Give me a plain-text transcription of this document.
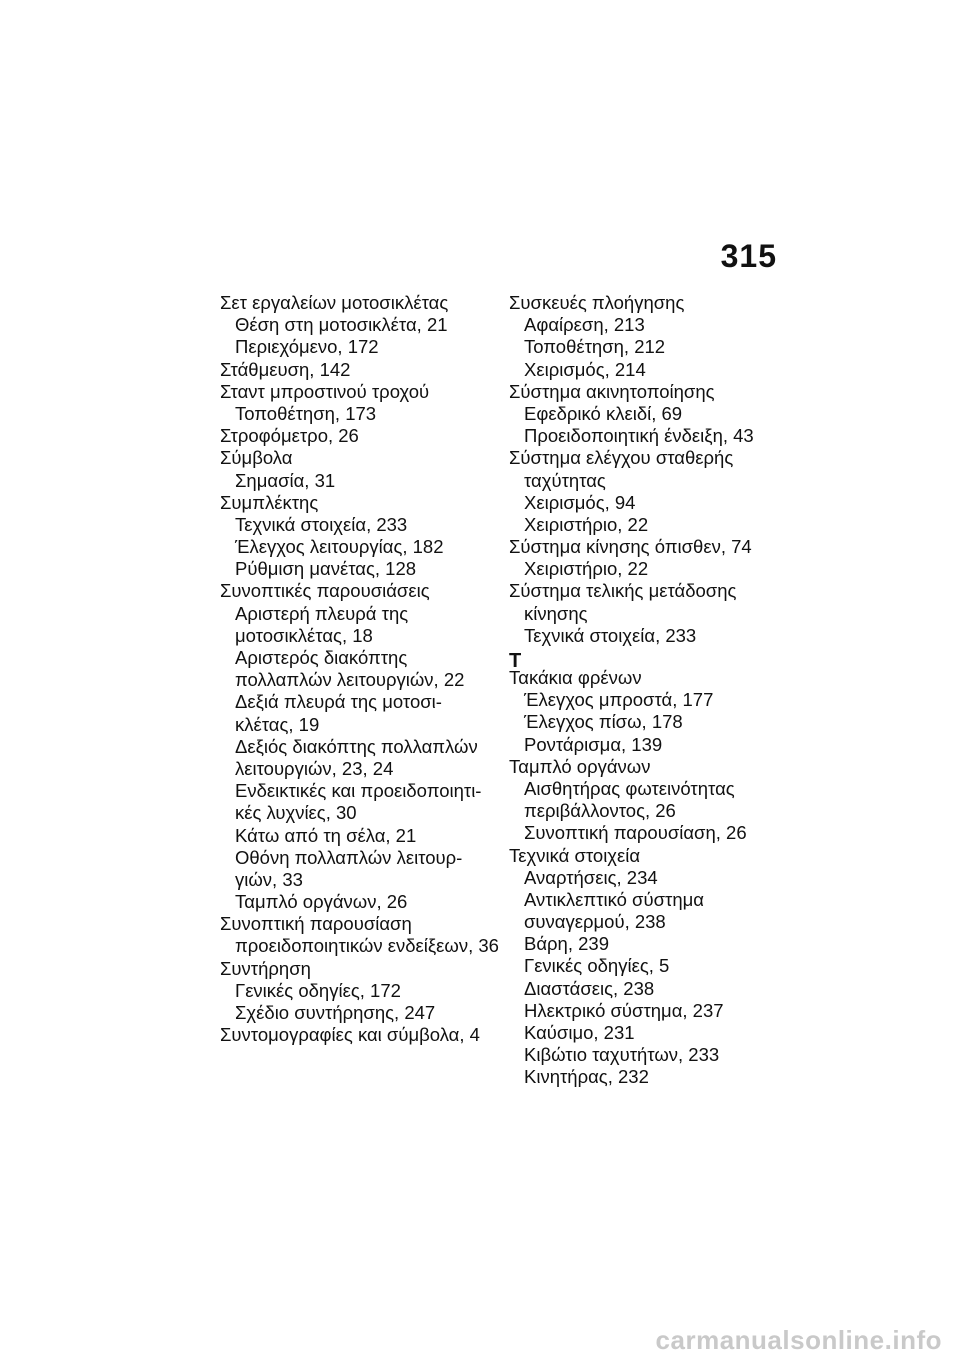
315
Σετ εργαλείων μοτοσικλέτας
Θέση στη μοτοσικλέτα, 21
Περιεχόμενο, 172
Στάθμευση, 142
Σταντ μπροστινού τροχού
Τοποθέτηση, 173
Στροφόμετρο, 26
Σύμβολα
Σημασία, 31
Συμπλέκτης
Τεχνικά στοιχεία, 233
Έλεγχος λειτουργίας, 182
Ρύθμιση μανέτας, 128
Συνοπτικές παρουσιάσεις
Αριστερή πλευρά της
μοτοσικλέτας, 18
Αριστερός διακόπτης
πολλαπλών λειτουργιών, 22
Δεξιά πλευρά της μοτοσι-
κλέτας, 19
Δεξιός διακόπτης πολλαπλών
λειτουργιών, 23, 24
Ενδεικτικές και προειδοποιητι-
κές λυχνίες, 30
Κάτω από τη σέλα, 21
Οθόνη πολλαπλών λειτουρ-
γιών, 33
Ταμπλό οργάνων, 26
Συνοπτική παρουσίαση
προειδοποιητικών ενδείξεων, 36
Συντήρηση
Γενικές οδηγίες, 172
Σχέδιο συντήρησης, 247
Συντομογραφίες και σύμβολα, 4
Συσκευές πλοήγησης
Αφαίρεση, 213
Τοποθέτηση, 212
Χειρισμός, 214
Σύστημα ακινητοποίησης
Εφεδρικό κλειδί, 69
Προειδοποιητική ένδειξη, 43
Σύστημα ελέγχου σταθερής
ταχύτητας
Χειρισμός, 94
Χειριστήριο, 22
Σύστημα κίνησης όπισθεν, 74
Χειριστήριο, 22
Σύστημα τελικής μετάδοσης
κίνησης
Τεχνικά στοιχεία, 233
T
Τακάκια φρένων
Έλεγχος μπροστά, 177
Έλεγχος πίσω, 178
Ροντάρισμα, 139
Ταμπλό οργάνων
Αισθητήρας φωτεινότητας
περιβάλλοντος, 26
Συνοπτική παρουσίαση, 26
Τεχνικά στοιχεία
Αναρτήσεις, 234
Αντικλεπτικό σύστημα
συναγερμού, 238
Βάρη, 239
Γενικές οδηγίες, 5
Διαστάσεις, 238
Ηλεκτρικό σύστημα, 237
Καύσιμο, 231
Κιβώτιο ταχυτήτων, 233
Κινητήρας, 232
carmanualsonline.info
